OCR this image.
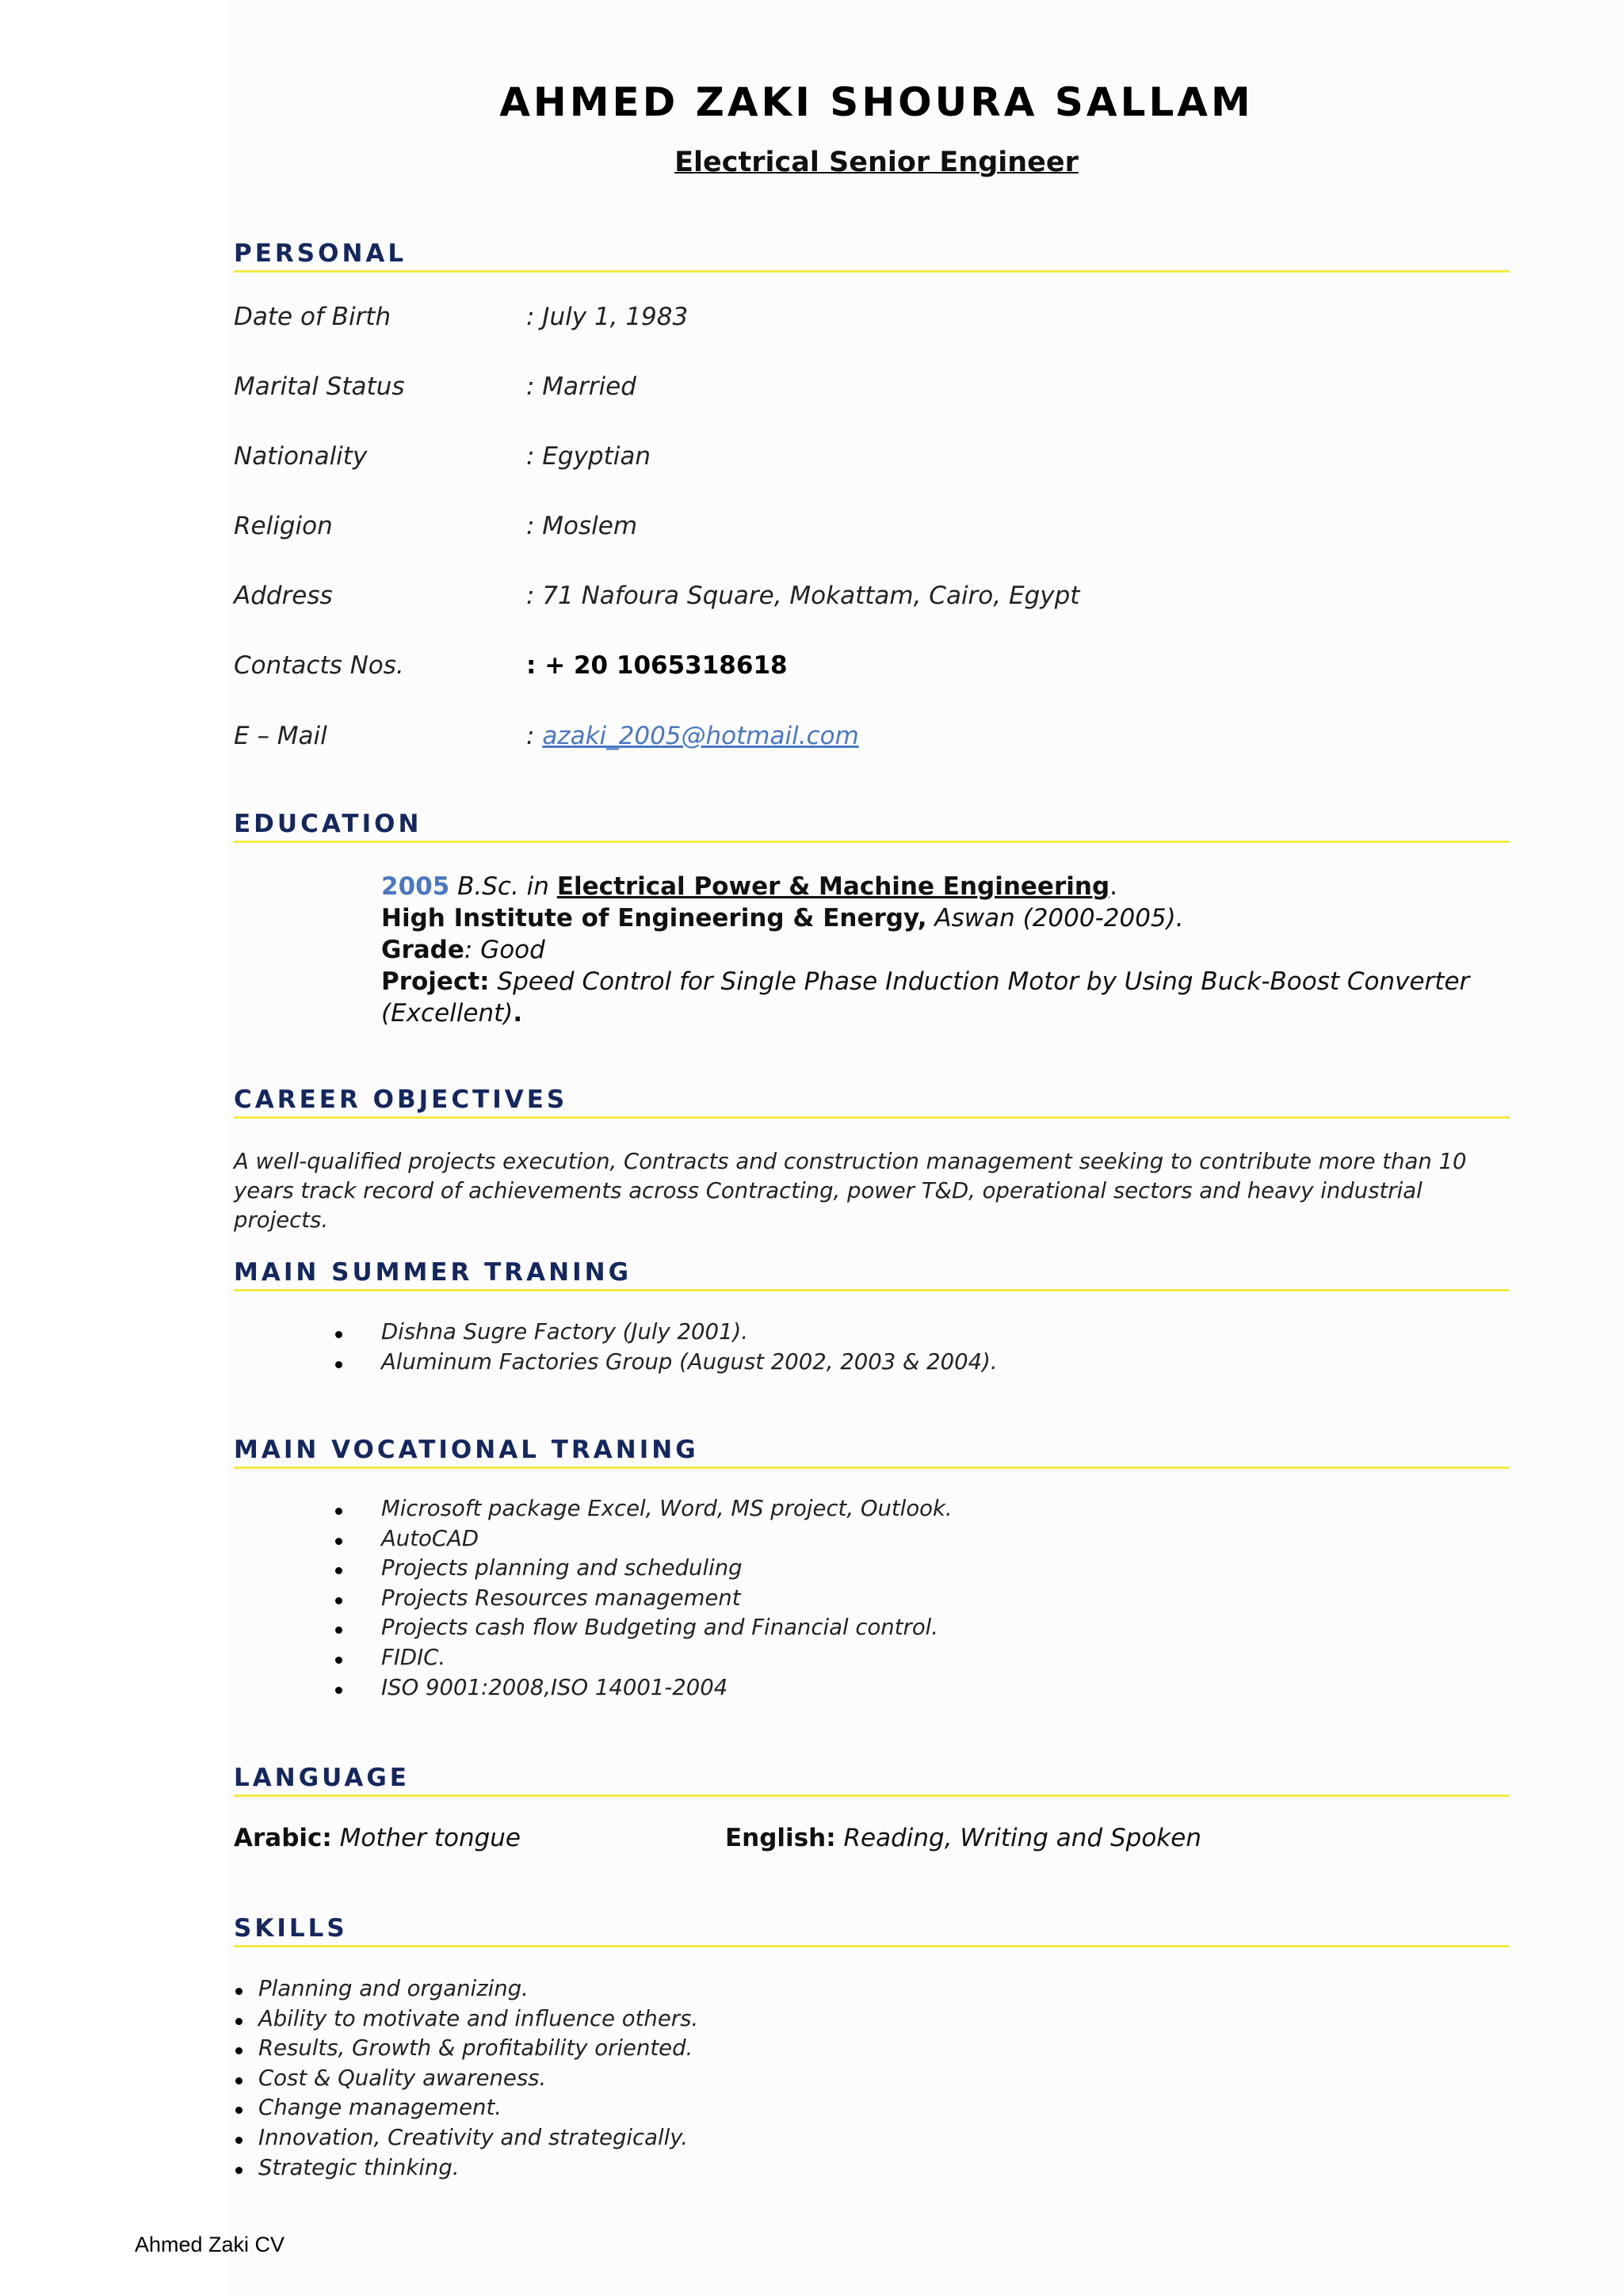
AHMED ZAKI SHOURA SALLAM
Electrical Senior Engineer
PERSONAL
Date of Birth	: July 1, 1983
Marital Status	: Married
Nationality	: Egyptian
Religion	: Moslem
Address	: 71 Nafoura Square, Mokattam, Cairo, Egypt
Contacts Nos.	: + 20 1065318618
E – Mail	: azaki_2005@hotmail.com
EDUCATION
2005 B.Sc. in Electrical Power & Machine Engineering.
High Institute of Engineering & Energy, Aswan (2000-2005).
Grade: Good
Project: Speed Control for Single Phase Induction Motor by Using Buck-Boost Converter
(Excellent).
CAREER OBJECTIVES
A well-qualified projects execution, Contracts and construction management seeking to contribute more than 10 years track record of achievements across Contracting, power T&D, operational sectors and heavy industrial projects.
MAIN SUMMER TRANING
Dishna Sugre Factory (July 2001).
Aluminum Factories Group (August 2002, 2003 & 2004).
MAIN VOCATIONAL TRANING
Microsoft package Excel, Word, MS project, Outlook.
AutoCAD
Projects planning and scheduling
Projects Resources management
Projects cash flow Budgeting and Financial control.
FIDIC.
ISO 9001:2008,ISO 14001-2004
LANGUAGE
Arabic: Mother tongue	English: Reading, Writing and Spoken
SKILLS
Planning and organizing.
Ability to motivate and influence others.
Results, Growth & profitability oriented.
Cost & Quality awareness.
Change management.
Innovation, Creativity and strategically.
Strategic thinking.
Ahmed Zaki CV
